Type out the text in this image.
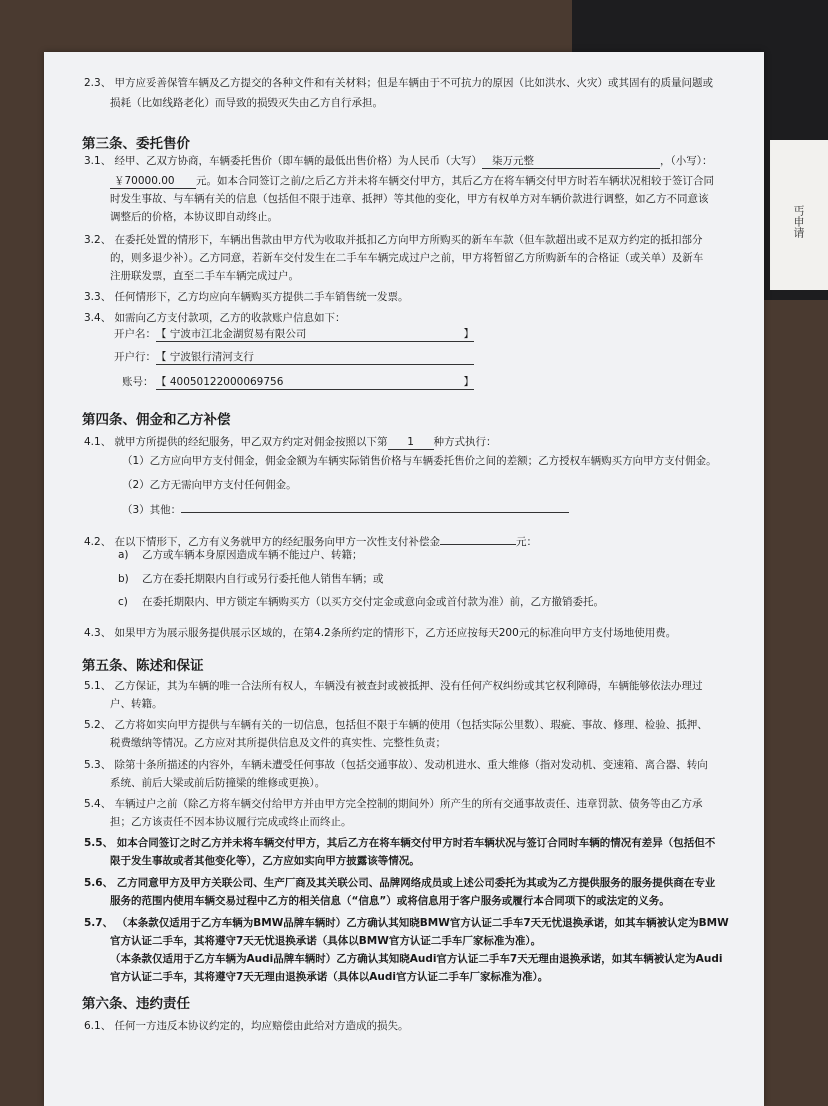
丐申请
2.3、 甲方应妥善保管车辆及乙方提交的各种文件和有关材料；但是车辆由于不可抗力的原因（比如洪水、火灾）或其固有的质量问题或
损耗（比如线路老化）而导致的损毁灭失由乙方自行承担。
第三条、委托售价
3.1、 经甲、乙双方协商，车辆委托售价（即车辆的最低出售价格）为人民币（大写） 柒万元整	，（小写）：
￥70000.00 元。如本合同签订之前/之后乙方并未将车辆交付甲方，其后乙方在将车辆交付甲方时若车辆状况相较于签订合同
时发生事故、与车辆有关的信息（包括但不限于违章、抵押）等其他的变化，甲方有权单方对车辆价款进行调整，如乙方不同意该
调整后的价格，本协议即自动终止。
3.2、 在委托处置的情形下，车辆出售款由甲方代为收取并抵扣乙方向甲方所购买的新车车款（但车款超出或不足双方约定的抵扣部分
的，则多退少补）。乙方同意，若新车交付发生在二手车车辆完成过户之前，甲方将暂留乙方所购新车的合格证（或关单）及新车
注册联发票，直至二手车车辆完成过户。
3.3、 任何情形下，乙方均应向车辆购买方提供二手车销售统一发票。
3.4、 如需向乙方支付款项，乙方的收款账户信息如下：
开户名： 【 宁波市江北金湖贸易有限公司	】
开户行： 【 宁波银行清河支行
账号： 【 40050122000069756	】
第四条、佣金和乙方补偿
4.1、 就甲方所提供的经纪服务，甲乙双方约定对佣金按照以下第 1 种方式执行：
（1）乙方应向甲方支付佣金，佣金金额为车辆实际销售价格与车辆委托售价之间的差额；乙方授权车辆购买方向甲方支付佣金。
（2）乙方无需向甲方支付任何佣金。
（3）其他：
4.2、 在以下情形下，乙方有义务就甲方的经纪服务向甲方一次性支付补偿金	元：
a) 乙方或车辆本身原因造成车辆不能过户、转籍；
b) 乙方在委托期限内自行或另行委托他人销售车辆；或
c) 在委托期限内、甲方锁定车辆购买方（以买方交付定金或意向金或首付款为准）前，乙方撤销委托。
4.3、 如果甲方为展示服务提供展示区域的，在第4.2条所约定的情形下，乙方还应按每天200元的标准向甲方支付场地使用费。
第五条、陈述和保证
5.1、 乙方保证，其为车辆的唯一合法所有权人，车辆没有被查封或被抵押、没有任何产权纠纷或其它权利障碍，车辆能够依法办理过
户、转籍。
5.2、 乙方将如实向甲方提供与车辆有关的一切信息，包括但不限于车辆的使用（包括实际公里数）、瑕疵、事故、修理、检验、抵押、
税费缴纳等情况。乙方应对其所提供信息及文件的真实性、完整性负责；
5.3、 除第十条所描述的内容外，车辆未遭受任何事故（包括交通事故）、发动机进水、重大维修（指对发动机、变速箱、离合器、转向
系统、前后大梁或前后防撞梁的维修或更换）。
5.4、 车辆过户之前（除乙方将车辆交付给甲方并由甲方完全控制的期间外）所产生的所有交通事故责任、违章罚款、债务等由乙方承
担；乙方该责任不因本协议履行完成或终止而终止。
5.5、 如本合同签订之时乙方并未将车辆交付甲方，其后乙方在将车辆交付甲方时若车辆状况与签订合同时车辆的情况有差异（包括但不
限于发生事故或者其他变化等），乙方应如实向甲方披露该等情况。
5.6、 乙方同意甲方及甲方关联公司、生产厂商及其关联公司、品牌网络成员或上述公司委托为其或为乙方提供服务的服务提供商在专业
服务的范围内使用车辆交易过程中乙方的相关信息（“信息”）或将信息用于客户服务或履行本合同项下的或法定的义务。
5.7、 （本条款仅适用于乙方车辆为BMW品牌车辆时）乙方确认其知晓BMW官方认证二手车7天无忧退换承诺，如其车辆被认定为BMW
官方认证二手车，其将遵守7天无忧退换承诺（具体以BMW官方认证二手车厂家标准为准）。
（本条款仅适用于乙方车辆为Audi品牌车辆时）乙方确认其知晓Audi官方认证二手车7天无理由退换承诺，如其车辆被认定为Audi
官方认证二手车，其将遵守7天无理由退换承诺（具体以Audi官方认证二手车厂家标准为准）。
第六条、违约责任
6.1、 任何一方违反本协议约定的，均应赔偿由此给对方造成的损失。
